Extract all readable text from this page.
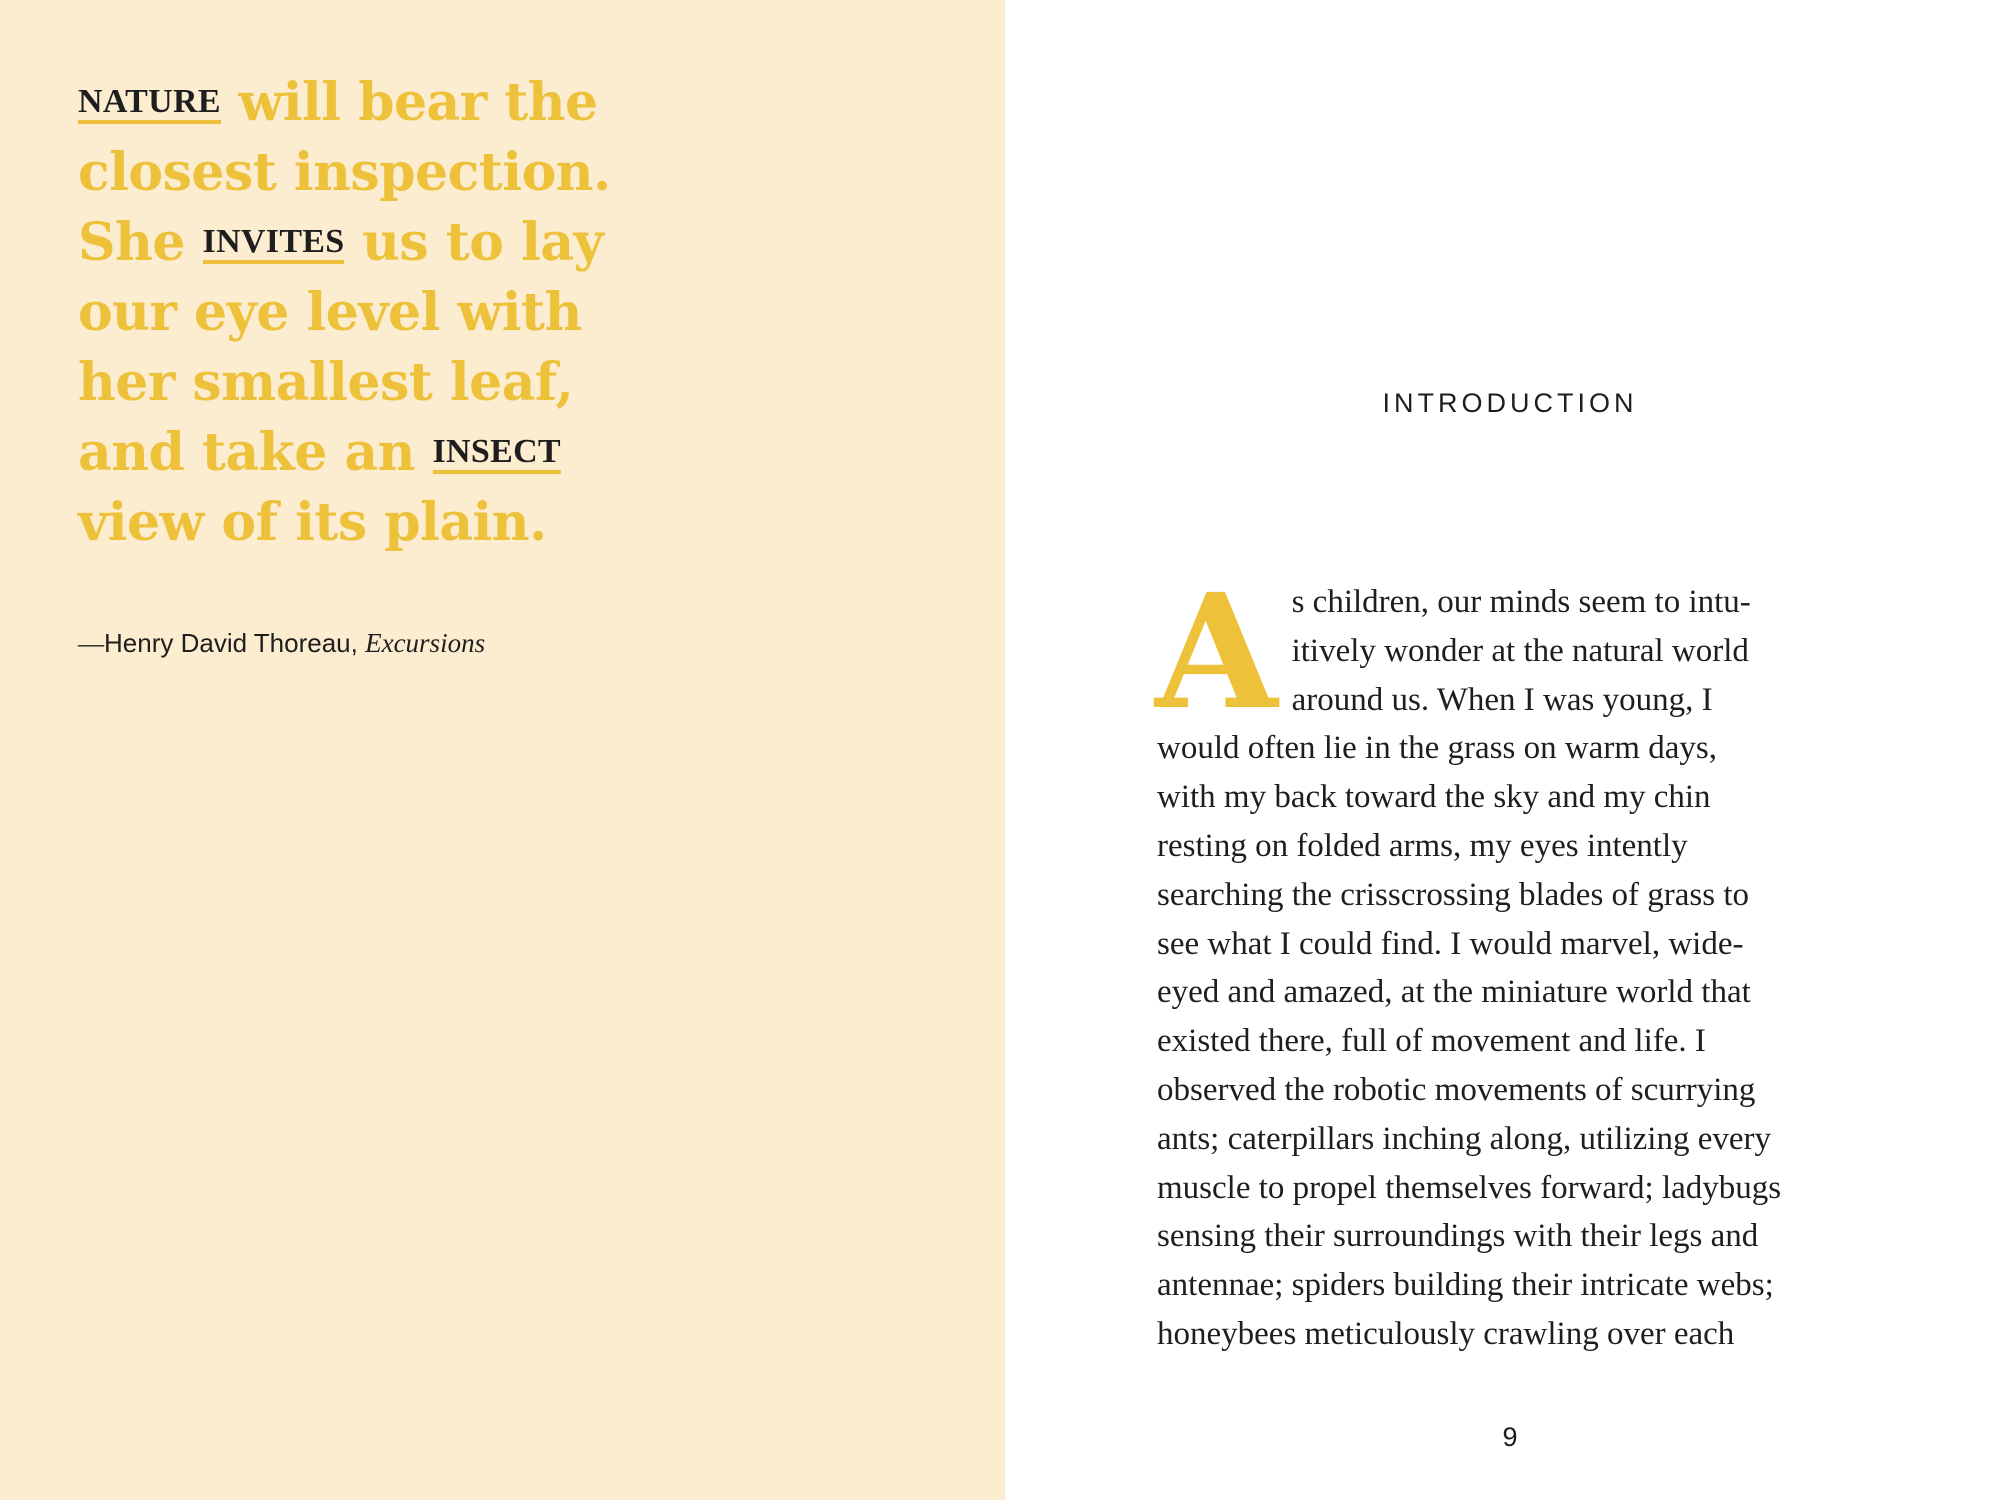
NATURE will bear the
closest inspection.
She INVITES us to lay
our eye level with
her smallest leaf,
and take an INSECT
view of its plain.
—Henry David Thoreau, Excursions
INTRODUCTION
A s children, our minds seem to intu-
itively wonder at the natural world
around us. When I was young, I
would often lie in the grass on warm days,
with my back toward the sky and my chin
resting on folded arms, my eyes intently
searching the crisscrossing blades of grass to
see what I could find. I would marvel, wide-
eyed and amazed, at the miniature world that
existed there, full of movement and life. I
observed the robotic movements of scurrying
ants; caterpillars inching along, utilizing every
muscle to propel themselves forward; ladybugs
sensing their surroundings with their legs and
antennae; spiders building their intricate webs;
honeybees meticulously crawling over each
9
